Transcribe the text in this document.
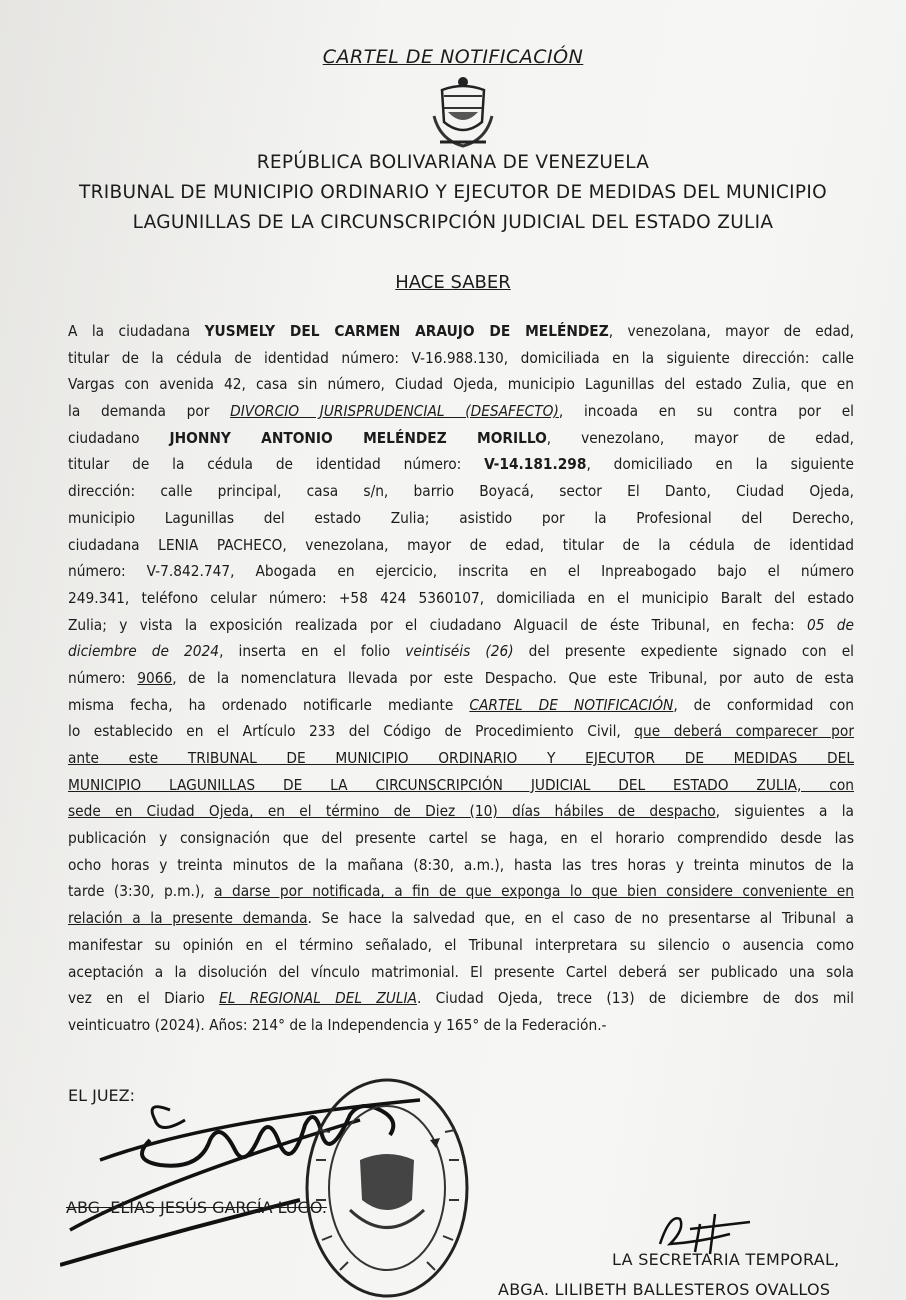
CARTEL DE NOTIFICACIÓN
REPÚBLICA BOLIVARIANA DE VENEZUELA
TRIBUNAL DE MUNICIPIO ORDINARIO Y EJECUTOR DE MEDIDAS DEL MUNICIPIO
LAGUNILLAS DE LA CIRCUNSCRIPCIÓN JUDICIAL DEL ESTADO ZULIA
HACE SABER
A la ciudadana YUSMELY DEL CARMEN ARAUJO DE MELÉNDEZ, venezolana, mayor de edad,
titular de la cédula de identidad número: V-16.988.130, domiciliada en la siguiente dirección: calle
Vargas con avenida 42, casa sin número, Ciudad Ojeda, municipio Lagunillas del estado Zulia, que en
la demanda por DIVORCIO JURISPRUDENCIAL (DESAFECTO), incoada en su contra por el
ciudadano JHONNY ANTONIO MELÉNDEZ MORILLO, venezolano, mayor de edad,
titular de la cédula de identidad número: V-14.181.298, domiciliado en la siguiente
dirección: calle principal, casa s/n, barrio Boyacá, sector El Danto, Ciudad Ojeda,
municipio Lagunillas del estado Zulia; asistido por la Profesional del Derecho,
ciudadana LENIA PACHECO, venezolana, mayor de edad, titular de la cédula de identidad
número: V-7.842.747, Abogada en ejercicio, inscrita en el Inpreabogado bajo el número
249.341, teléfono celular número: +58 424 5360107, domiciliada en el municipio Baralt del estado
Zulia; y vista la exposición realizada por el ciudadano Alguacil de éste Tribunal, en fecha: 05 de
diciembre de 2024, inserta en el folio veintiséis (26) del presente expediente signado con el
número: 9066, de la nomenclatura llevada por este Despacho. Que este Tribunal, por auto de esta
misma fecha, ha ordenado notificarle mediante CARTEL DE NOTIFICACIÓN, de conformidad con
lo establecido en el Artículo 233 del Código de Procedimiento Civil, que deberá comparecer por
ante este TRIBUNAL DE MUNICIPIO ORDINARIO Y EJECUTOR DE MEDIDAS DEL
MUNICIPIO LAGUNILLAS DE LA CIRCUNSCRIPCIÓN JUDICIAL DEL ESTADO ZULIA, con
sede en Ciudad Ojeda, en el término de Diez (10) días hábiles de despacho, siguientes a la
publicación y consignación que del presente cartel se haga, en el horario comprendido desde las
ocho horas y treinta minutos de la mañana (8:30, a.m.), hasta las tres horas y treinta minutos de la
tarde (3:30, p.m.), a darse por notificada, a fin de que exponga lo que bien considere conveniente en
relación a la presente demanda. Se hace la salvedad que, en el caso de no presentarse al Tribunal a
manifestar su opinión en el término señalado, el Tribunal interpretara su silencio o ausencia como
aceptación a la disolución del vínculo matrimonial. El presente Cartel deberá ser publicado una sola
vez en el Diario EL REGIONAL DEL ZULIA. Ciudad Ojeda, trece (13) de diciembre de dos mil
veinticuatro (2024). Años: 214° de la Independencia y 165° de la Federación.-
EL JUEZ:
ABG. ELÍAS JESÚS GARCÍA LUGO.
LA SECRETARIA TEMPORAL,
ABGA. LILIBETH BALLESTEROS OVALLOS
